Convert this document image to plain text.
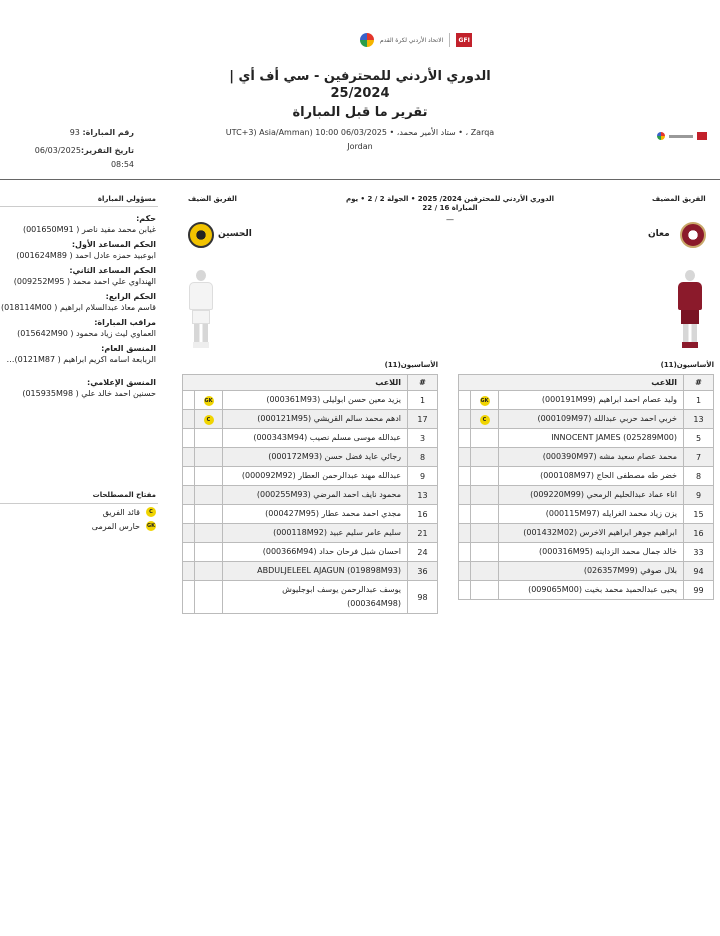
الاتحاد الأردني لكرة القدم	GFI
الدوري الأردني للمحترفين - سي أف أي |
25/2024
تقرير ما قبل المباراة
رقم المباراة: 93
تاريخ التقرير:06/03/2025
08:54
Zarqa ، • ستاد الأمير محمد، • UTC+3) Asia/Amman) 10:00 06/03/2025
Jordan
مسؤولي المباراة
حكم:
غيابن محمد مفيد ناصر ( 001650M91)
الحكم المساعد الأول:
ابوعبيد حمزه عادل احمد ( 001624M89)
الحكم المساعد الثاني:
الهنداوي علي احمد محمد ( 009252M95)
الحكم الرابع:
قاسم معاذ عبدالسلام ابراهيم ( 018114M00)
مراقب المباراة:
العماوي ليث زياد محمود ( 015642M90)
المنسق العام:
الربابعة اسامه اكريم ابراهيم ( 0121M87)…
المنسق الإعلامي:
حسنين احمد خالد علي ( 015935M98)
مفتاح المصطلحات
C
قائد الفريق
GK
حارس المرمى
الفريق المضيف
الفريق الضيف	الدوري الأردني للمحترفين 2024/ 2025 • الجولة 2 / 2 • يوم
المباراة 16 / 22
—
معان
الحسين
الأساسيون(11)
الأساسيون(11)
#	اللاعب		
1	وليد عصام احمد ابراهيم (000191M99)	GK	
13	خربي احمد حربي عبدالله (000109M97)	C	
5	INNOCENT JAMES (025289M00)		
7	محمد عصام سعيد مشه (000390M97)		
8	خضر طه مصطفى الحاج (000108M97)		
9	اناء عماد عبدالحليم الرمحي (009220M99)		
15	يزن زياد محمد الغرايله (000115M97)		
16	ابراهيم جوهر ابراهيم الاخرس (001432M02)		
33	خالد جمال محمد الزداينه (000316M95)		
94	بلال صوفي (026357M99)		
99	يحيى عبدالحميد محمد بخيت (009065M00)		
#	اللاعب		
1	يزيد معين حسن ابوليلى (000361M93)	GK	
17	ادهم محمد سالم القريشي (000121M95)	C	
3	عبدالله موسى مسلم نصيب (000343M94)		
8	رجائي عايد فضل حسن (000172M93)		
9	عبدالله مهند عبدالرحمن العطار (000092M92)		
13	محمود نايف احمد المرضي (000255M93)		
16	مجدي احمد محمد عطار (000427M95)		
21	سليم عامر سليم عبيد (000118M92)		
24	احسان شبل فرحان حداد (000366M94)		
36	ABDULJELEEL AJAGUN (019898M93)		
98	يوسف عبدالرحمن يوسف ابوجليوش (000364M98)		
